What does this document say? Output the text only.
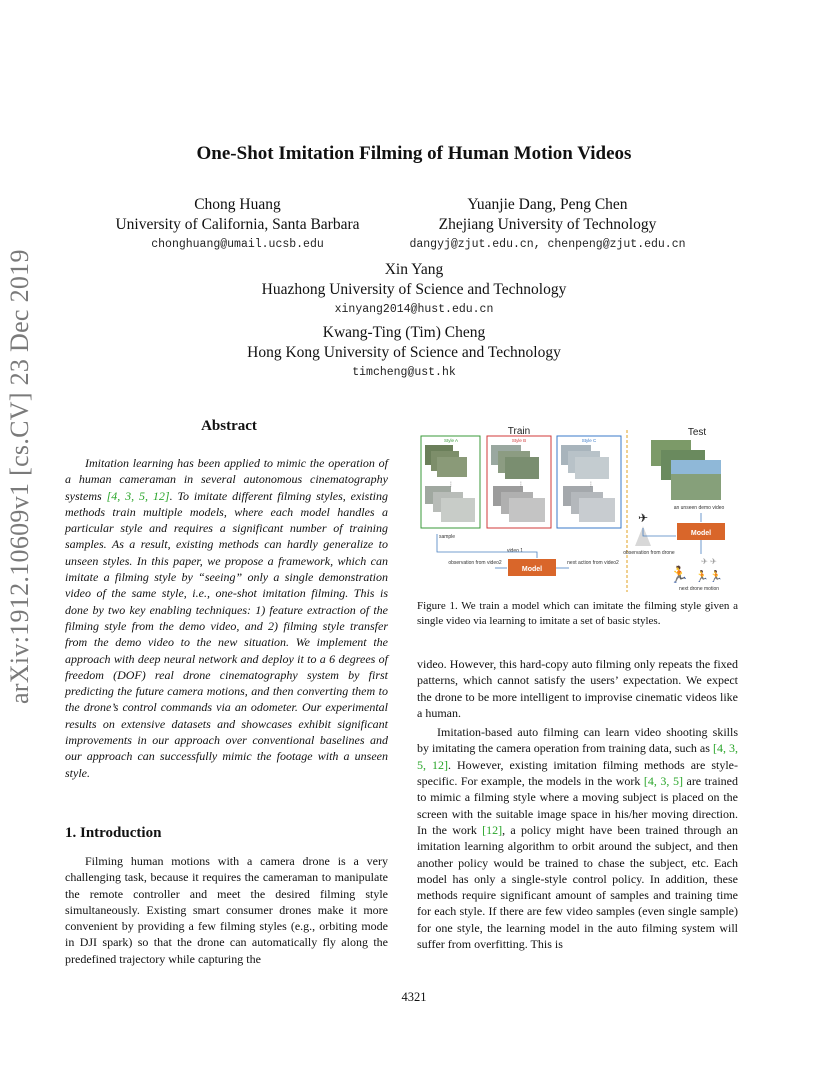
arXiv:1912.10609v1 [cs.CV] 23 Dec 2019
One-Shot Imitation Filming of Human Motion Videos
Chong Huang
University of California, Santa Barbara
chonghuang@umail.ucsb.edu
Yuanjie Dang, Peng Chen
Zhejiang University of Technology
dangyj@zjut.edu.cn, chenpeng@zjut.edu.cn
Xin Yang
Huazhong University of Science and Technology
xinyang2014@hust.edu.cn
Kwang-Ting (Tim) Cheng
Hong Kong University of Science and Technology
timcheng@ust.hk
Abstract
Imitation learning has been applied to mimic the operation of a human cameraman in several autonomous cinematography systems [4, 3, 5, 12]. To imitate different filming styles, existing methods train multiple models, where each model handles a particular style and requires a significant number of training samples. As a result, existing methods can hardly generalize to unseen styles. In this paper, we propose a framework, which can imitate a filming style by “seeing” only a single demonstration video of the same style, i.e., one-shot imitation filming. This is done by two key enabling techniques: 1) feature extraction of the filming style from the demo video, and 2) filming style transfer from the demo video to the new situation. We implement the approach with deep neural network and deploy it to a 6 degrees of freedom (DOF) real drone cinematography system by first predicting the future camera motions, and then converting them to the drone’s control commands via an odometer. Our experimental results on extensive datasets and showcases exhibit significant improvements in our approach over conventional baselines and our approach can successfully mimic the footage with a unseen style.
1. Introduction
Filming human motions with a camera drone is a very challenging task, because it requires the cameraman to manipulate the remote controller and meet the desired filming style simultaneously. Existing smart consumer drones make it more convenient by providing a few filming styles (e.g., orbiting mode in DJI spark) so that the drone can automatically fly along the predefined trajectory while capturing the
Train	Test
Style A	Style B	Style C
⋮	⋮	⋮
sample
video 1
observation from video2
Model
next action from video2
an unseen demo video
✈
observation from drone
Model
🏃
✈ ✈
🏃🏃
next drone motion
Figure 1. We train a model which can imitate the filming style given a single video via learning to imitate a set of basic styles.
video. However, this hard-copy auto filming only repeats the fixed patterns, which cannot satisfy the users’ expectation. We expect the drone to be more intelligent to improvise cinematic videos like a human.
Imitation-based auto filming can learn video shooting skills by imitating the camera operation from training data, such as [4, 3, 5, 12]. However, existing imitation filming methods are style-specific. For example, the models in the work [4, 3, 5] are trained to mimic a filming style where a moving subject is placed on the screen with the suitable image space in his/her moving direction. In the work [12], a policy might have been trained through an imitation learning algorithm to orbit around the subject, and then another policy would be trained to chase the subject, etc. Each model has only a single-style control policy. In addition, these methods require significant amount of samples and training time for each style. If there are few video samples (even single sample) for one style, the learning model in the auto filming system will suffer from overfitting. This is
4321
